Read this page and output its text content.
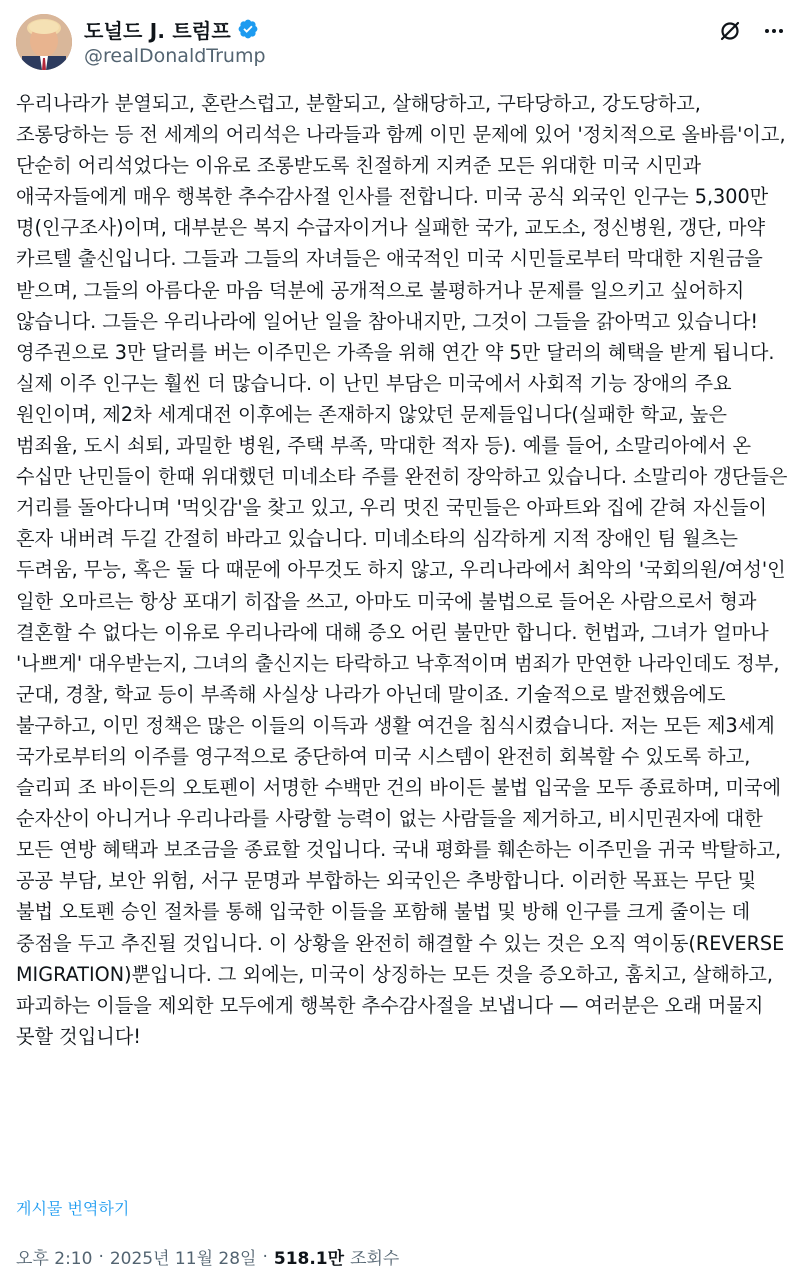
도널드 J. 트럼프
@realDonaldTrump

우리나라가 분열되고, 혼란스럽고, 분할되고, 살해당하고, 구타당하고, 강도당하고, 조롱당하는 등 전 세계의 어리석은 나라들과 함께 이민 문제에 있어 '정치적으로 올바름'이고, 단순히 어리석었다는 이유로 조롱받도록 친절하게 지켜준 모든 위대한 미국 시민과 애국자들에게 매우 행복한 추수감사절 인사를 전합니다. 미국 공식 외국인 인구는 5,300만 명(인구조사)이며, 대부분은 복지 수급자이거나 실패한 국가, 교도소, 정신병원, 갱단, 마약 카르텔 출신입니다. 그들과 그들의 자녀들은 애국적인 미국 시민들로부터 막대한 지원금을 받으며, 그들의 아름다운 마음 덕분에 공개적으로 불평하거나 문제를 일으키고 싶어하지 않습니다. 그들은 우리나라에 일어난 일을 참아내지만, 그것이 그들을 갉아먹고 있습니다! 영주권으로 3만 달러를 버는 이주민은 가족을 위해 연간 약 5만 달러의 혜택을 받게 됩니다. 실제 이주 인구는 훨씬 더 많습니다. 이 난민 부담은 미국에서 사회적 기능 장애의 주요 원인이며, 제2차 세계대전 이후에는 존재하지 않았던 문제들입니다(실패한 학교, 높은 범죄율, 도시 쇠퇴, 과밀한 병원, 주택 부족, 막대한 적자 등). 예를 들어, 소말리아에서 온 수십만 난민들이 한때 위대했던 미네소타 주를 완전히 장악하고 있습니다. 소말리아 갱단들은 거리를 돌아다니며 '먹잇감'을 찾고 있고, 우리 멋진 국민들은 아파트와 집에 갇혀 자신들이 혼자 내버려 두길 간절히 바라고 있습니다. 미네소타의 심각하게 지적 장애인 팀 월츠는 두려움, 무능, 혹은 둘 다 때문에 아무것도 하지 않고, 우리나라에서 최악의 '국회의원/여성'인 일한 오마르는 항상 포대기 히잡을 쓰고, 아마도 미국에 불법으로 들어온 사람으로서 형과 결혼할 수 없다는 이유로 우리나라에 대해 증오 어린 불만만 합니다. 헌법과, 그녀가 얼마나 '나쁘게' 대우받는지, 그녀의 출신지는 타락하고 낙후적이며 범죄가 만연한 나라인데도 정부, 군대, 경찰, 학교 등이 부족해 사실상 나라가 아닌데 말이죠. 기술적으로 발전했음에도 불구하고, 이민 정책은 많은 이들의 이득과 생활 여건을 침식시켰습니다. 저는 모든 제3세계 국가로부터의 이주를 영구적으로 중단하여 미국 시스템이 완전히 회복할 수 있도록 하고, 슬리피 조 바이든의 오토펜이 서명한 수백만 건의 바이든 불법 입국을 모두 종료하며, 미국에 순자산이 아니거나 우리나라를 사랑할 능력이 없는 사람들을 제거하고, 비시민권자에 대한 모든 연방 혜택과 보조금을 종료할 것입니다. 국내 평화를 훼손하는 이주민을 귀국 박탈하고, 공공 부담, 보안 위험, 서구 문명과 부합하는 외국인은 추방합니다. 이러한 목표는 무단 및 불법 오토펜 승인 절차를 통해 입국한 이들을 포함해 불법 및 방해 인구를 크게 줄이는 데 중점을 두고 추진될 것입니다. 이 상황을 완전히 해결할 수 있는 것은 오직 역이동(REVERSE MIGRATION)뿐입니다. 그 외에는, 미국이 상징하는 모든 것을 증오하고, 훔치고, 살해하고, 파괴하는 이들을 제외한 모두에게 행복한 추수감사절을 보냅니다 — 여러분은 오래 머물지 못할 것입니다!

게시물 번역하기
오후 2:10 · 2025년 11월 28일 · 518.1만 조회수
